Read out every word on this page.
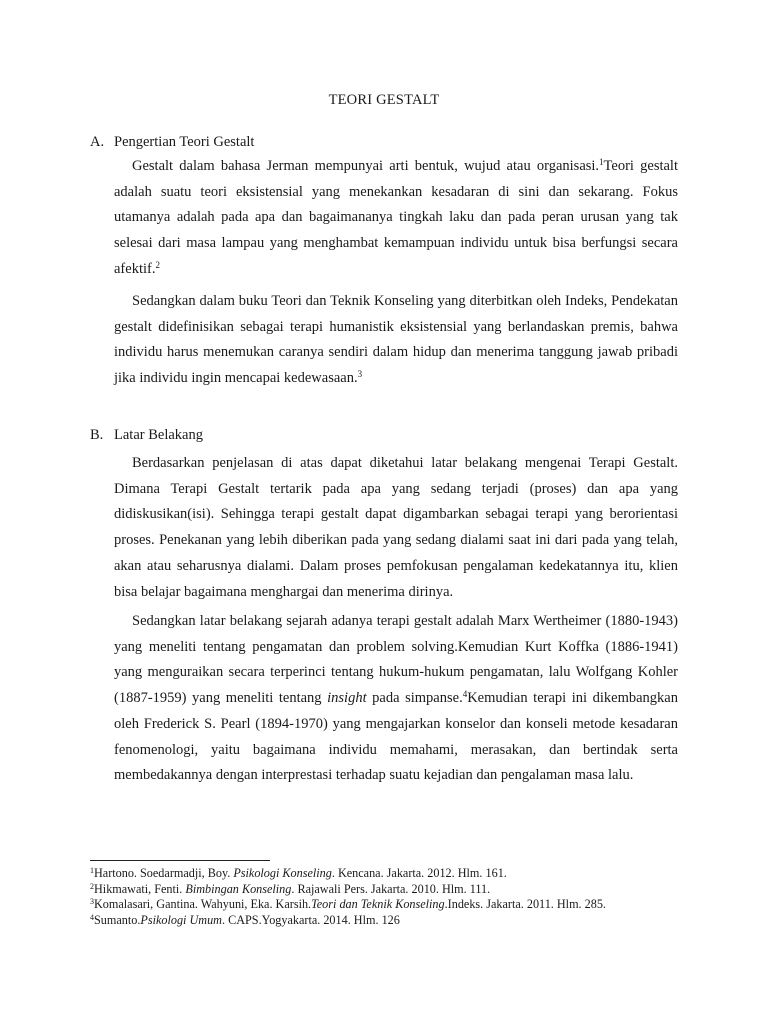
TEORI GESTALT
A. Pengertian Teori Gestalt

Gestalt dalam bahasa Jerman mempunyai arti bentuk, wujud atau organisasi.$^1$Teori gestalt adalah suatu teori eksistensial yang menekankan kesadaran di sini dan sekarang. Fokus utamanya adalah pada apa dan bagaimananya tingkah laku dan pada peran urusan yang tak selesai dari masa lampau yang menghambat kemampuan individu untuk bisa berfungsi secara afektif.$^2$

Sedangkan dalam buku Teori dan Teknik Konseling yang diterbitkan oleh Indeks, Pendekatan gestalt didefinisikan sebagai terapi humanistik eksistensial yang berlandaskan premis, bahwa individu harus menemukan caranya sendiri dalam hidup dan menerima tanggung jawab pribadi jika individu ingin mencapai kedewasaan.$^3$

B. Latar Belakang

Berdasarkan penjelasan di atas dapat diketahui latar belakang mengenai Terapi Gestalt. Dimana Terapi Gestalt tertarik pada apa yang sedang terjadi (proses) dan apa yang didiskusikan(isi). Sehingga terapi gestalt dapat digambarkan sebagai terapi yang berorientasi proses. Penekanan yang lebih diberikan pada yang sedang dialami saat ini dari pada yang telah, akan atau seharusnya dialami. Dalam proses pemfokusan pengalaman kedekatannya itu, klien bisa belajar bagaimana menghargai dan menerima dirinya.

Sedangkan latar belakang sejarah adanya terapi gestalt adalah Marx Wertheimer (1880-1943) yang meneliti tentang pengamatan dan problem solving.Kemudian Kurt Koffka (1886-1941) yang menguraikan secara terperinci tentang hukum-hukum pengamatan, lalu Wolfgang Kohler (1887-1959) yang meneliti tentang insight pada simpanse.$^4$Kemudian terapi ini dikembangkan oleh Frederick S. Pearl (1894-1970) yang mengajarkan konselor dan konseli metode kesadaran fenomenologi, yaitu bagaimana individu memahami, merasakan, dan bertindak serta membedakannya dengan interprestasi terhadap suatu kejadian dan pengalaman masa lalu.

$^1$Hartono. Soedarmadji, Boy. Psikologi Konseling. Kencana. Jakarta. 2012. Hlm. 161.
$^2$Hikmawati, Fenti. Bimbingan Konseling. Rajawali Pers. Jakarta. 2010. Hlm. 111.
$^3$Komalasari, Gantina. Wahyuni, Eka. Karsih.Teori dan Teknik Konseling.Indeks. Jakarta. 2011. Hlm. 285.
$^4$Sumanto.Psikologi Umum. CAPS.Yogyakarta. 2014. Hlm. 126
